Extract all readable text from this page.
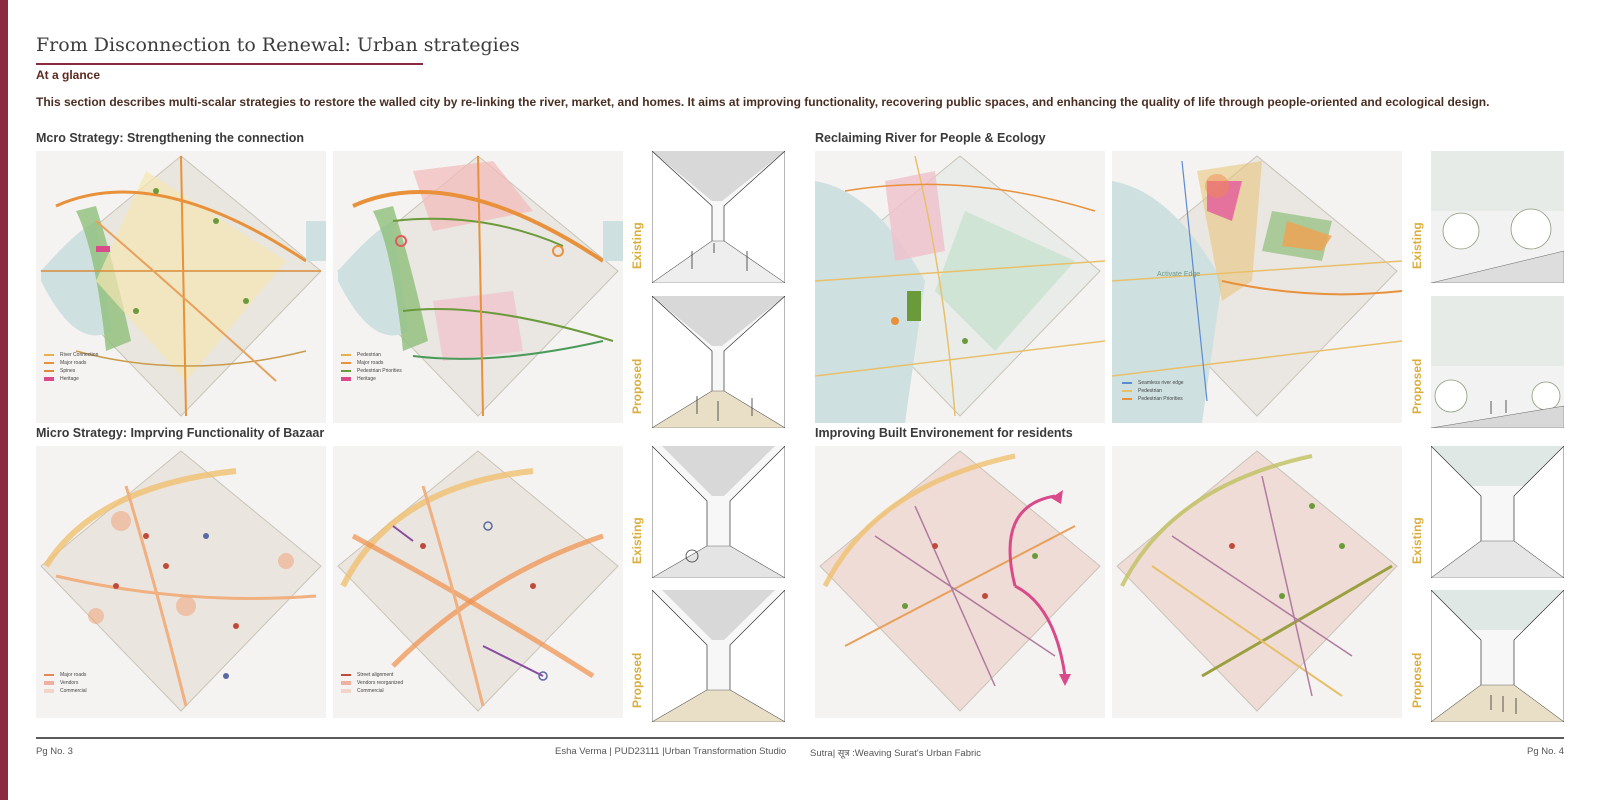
From Disconnection to Renewal: Urban strategies
At a glance
This section describes multi-scalar strategies to restore the walled city by re-linking the river, market, and homes. It aims at improving functionality, recovering public spaces, and enhancing the quality of life through people-oriented and ecological design.
Mcro Strategy: Strengthening the connection	Reclaiming River for People & Ecology
Micro Strategy: Imprving Functionality of Bazaar	Improving Built Environement for residents
River Connection
Major roads
Spines
Heritage
Pedestrian
Major roads
Pedestrian Priorities
Heritage
Activate Edge
Seamless river edge
Pedestrian
Pedestrian Priorities
Major roads
Vendors
Commercial
Street alignment
Vendors reorganized
Commercial
Existing
Proposed
Existing
Proposed
Existing
Proposed
Existing
Proposed
Pg No. 3	Esha Verma | PUD23111 |Urban Transformation Studio	Sutra| सूत्र :Weaving Surat's Urban Fabric	Pg No. 4
